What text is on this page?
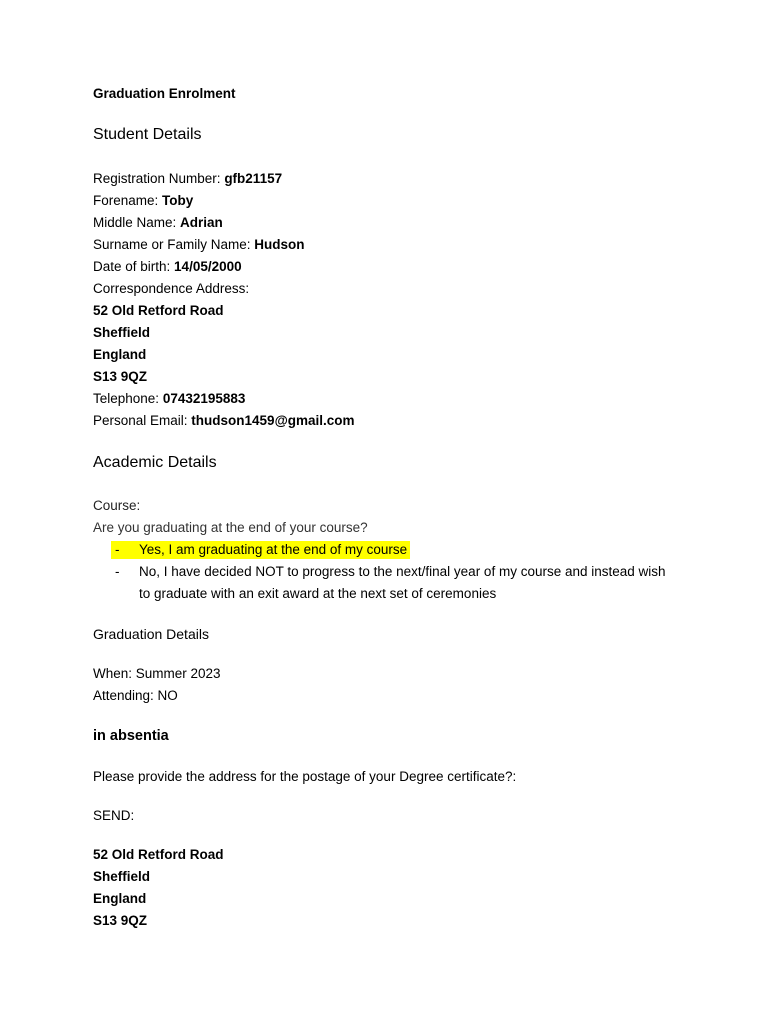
Graduation Enrolment
Student Details
Registration Number: gfb21157
Forename: Toby
Middle Name: Adrian
Surname or Family Name: Hudson
Date of birth: 14/05/2000
Correspondence Address:
52 Old Retford Road
Sheffield
England
S13 9QZ
Telephone: 07432195883
Personal Email: thudson1459@gmail.com
Academic Details
Course:
Are you graduating at the end of your course?
- Yes, I am graduating at the end of my course
- No, I have decided NOT to progress to the next/final year of my course and instead wish
to graduate with an exit award at the next set of ceremonies
Graduation Details
When: Summer 2023
Attending: NO
in absentia
Please provide the address for the postage of your Degree certificate?:
SEND:
52 Old Retford Road
Sheffield
England
S13 9QZ
